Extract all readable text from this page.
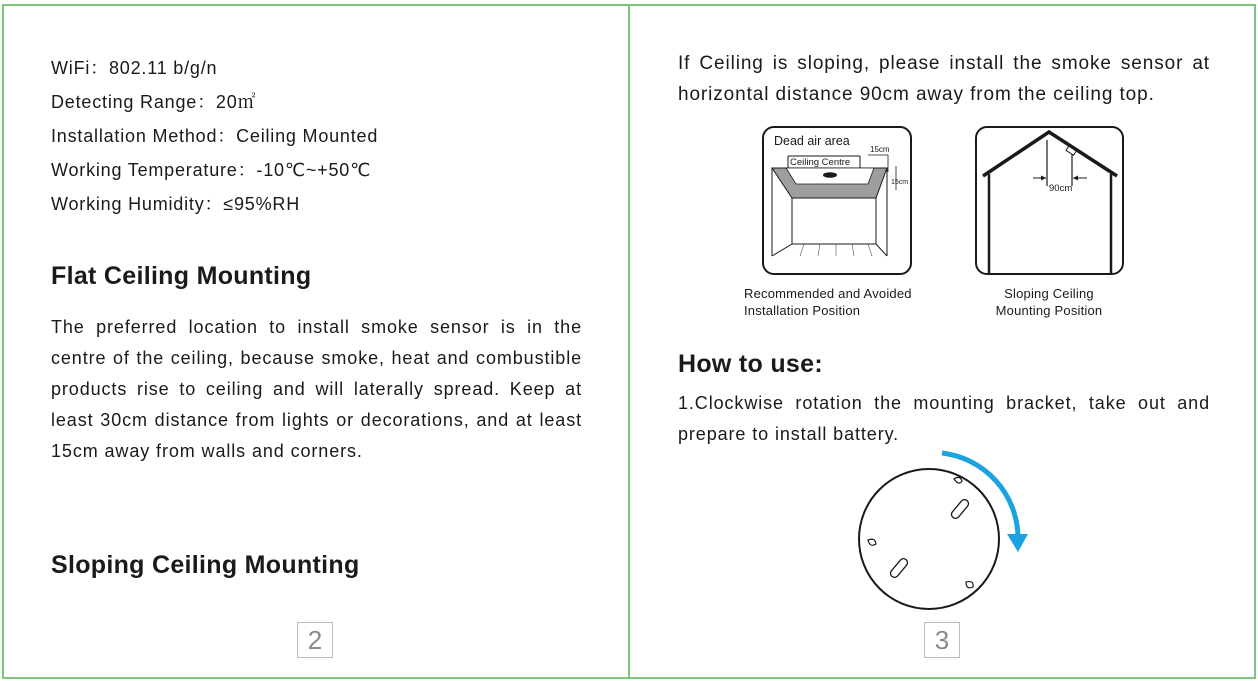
WiFi：802.11 b/g/n
Detecting Range：20㎡
Installation Method：Ceiling Mounted
Working Temperature：-10℃~+50℃
Working Humidity：≤95%RH
Flat Ceiling Mounting

The preferred location to install smoke sensor is in the centre of the ceiling, because smoke, heat and combustible products rise to ceiling and will laterally spread. Keep at least 30cm distance from lights or decorations, and at least 15cm away from walls and corners.

Sloping Ceiling Mounting
2

If Ceiling is sloping, please install the smoke sensor at horizontal distance 90cm away from the ceiling top.

Dead air area
Ceiling Centre
15cm
15cm
90cm

Recommended and Avoided
Installation Position

Sloping Ceiling
Mounting Position

How to use:

1.Clockwise rotation the mounting bracket, take out and prepare to install battery.

3
